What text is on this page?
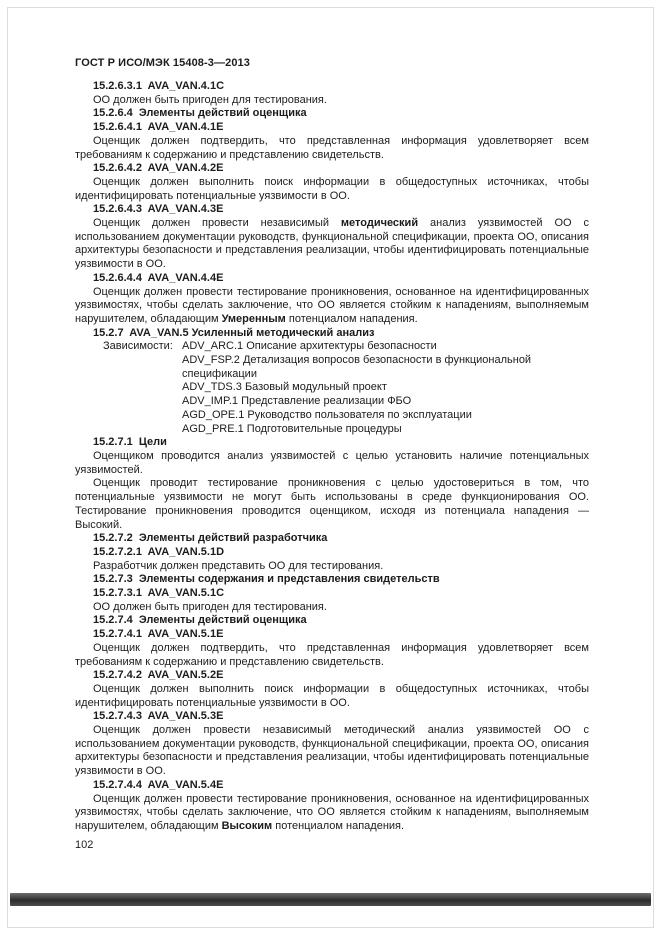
ГОСТ Р ИСО/МЭК 15408-3—2013

15.2.6.3.1  AVA_VAN.4.1C

ОО должен быть пригоден для тестирования.

15.2.6.4  Элементы действий оценщика

15.2.6.4.1  AVA_VAN.4.1E

Оценщик должен подтвердить, что представленная информация удовлетворяет всем требованиям к содержанию и представлению свидетельств.

15.2.6.4.2  AVA_VAN.4.2E

Оценщик должен выполнить поиск информации в общедоступных источниках, чтобы идентифицировать потенциальные уязвимости в ОО.

15.2.6.4.3  AVA_VAN.4.3E

Оценщик должен провести независимый методический анализ уязвимостей ОО с использованием документации руководств, функциональной спецификации, проекта ОО, описания архитектуры безопасности и представления реализации, чтобы идентифицировать потенциальные уязвимости в ОО.

15.2.6.4.4  AVA_VAN.4.4E

Оценщик должен провести тестирование проникновения, основанное на идентифицированных уязвимостях, чтобы сделать заключение, что ОО является стойким к нападениям, выполняемым нарушителем, обладающим Умеренным потенциалом нападения.

15.2.7  AVA_VAN.5 Усиленный методический анализ

Зависимости: ADV_ARC.1 Описание архитектуры безопасности
ADV_FSP.2 Детализация вопросов безопасности в функциональной спецификации
ADV_TDS.3 Базовый модульный проект
ADV_IMP.1 Представление реализации ФБО
AGD_OPE.1 Руководство пользователя по эксплуатации
AGD_PRE.1 Подготовительные процедуры

15.2.7.1  Цели

Оценщиком проводится анализ уязвимостей с целью установить наличие потенциальных уязвимостей.

Оценщик проводит тестирование проникновения с целью удостовериться в том, что потенциальные уязвимости не могут быть использованы в среде функционирования ОО. Тестирование проникновения проводится оценщиком, исходя из потенциала нападения — Высокий.

15.2.7.2  Элементы действий разработчика

15.2.7.2.1  AVA_VAN.5.1D

Разработчик должен представить ОО для тестирования.

15.2.7.3  Элементы содержания и представления свидетельств

15.2.7.3.1  AVA_VAN.5.1C

ОО должен быть пригоден для тестирования.

15.2.7.4  Элементы действий оценщика

15.2.7.4.1  AVA_VAN.5.1E

Оценщик должен подтвердить, что представленная информация удовлетворяет всем требованиям к содержанию и представлению свидетельств.

15.2.7.4.2  AVA_VAN.5.2E

Оценщик должен выполнить поиск информации в общедоступных источниках, чтобы идентифицировать потенциальные уязвимости в ОО.

15.2.7.4.3  AVA_VAN.5.3E

Оценщик должен провести независимый методический анализ уязвимостей ОО с использованием документации руководств, функциональной спецификации, проекта ОО, описания архитектуры безопасности и представления реализации, чтобы идентифицировать потенциальные уязвимости в ОО.

15.2.7.4.4  AVA_VAN.5.4E

Оценщик должен провести тестирование проникновения, основанное на идентифицированных уязвимостях, чтобы сделать заключение, что ОО является стойким к нападениям, выполняемым нарушителем, обладающим Высоким потенциалом нападения.

102
